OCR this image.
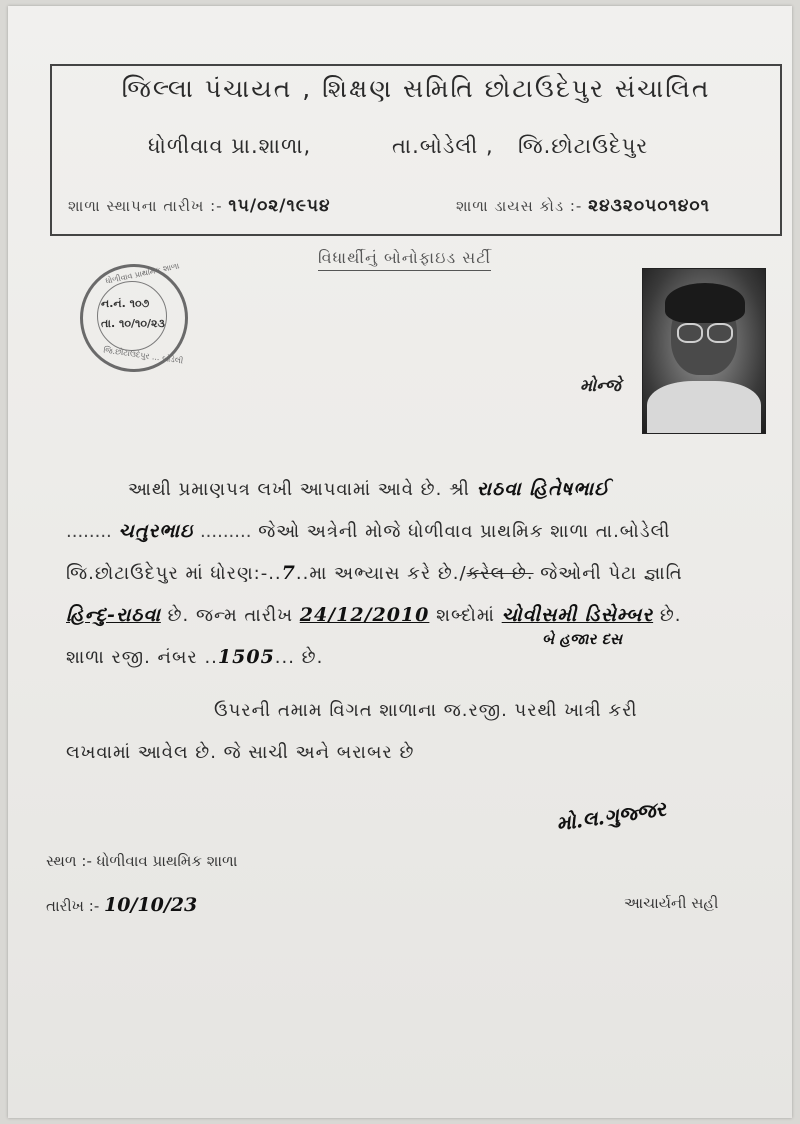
જિલ્લા પંચાયત , શિક્ષણ સમિતિ છોટાઉદેપુર સંચાલિત
ધોળીવાવ પ્રા.શાળા,	તા.બોડેલી , જિ.છોટાઉદેપુર
શાળા સ્થાપના તારીખ :- ૧૫/૦૨/૧૯૫૪	શાળા ડાયસ કોડ :- ૨૪૩૨૦૫૦૧૪૦૧
વિધાર્થીનું બોનોફાઇડ સર્ટી
ધોળીવાવ પ્રાથમિક શાળા
ન.નં. ૧૦૭
તા. ૧૦/૧૦/૨૩
જિ.છોટાઉદેપુર ... બોડેલી
મોન્જે
આથી પ્રમાણપત્ર લખી આપવામાં આવે છે. શ્રી રાઠવા હિતેષભાઈ
........ ચતુરભાઇ ......... જેઓ અત્રેની મોજે ધોળીવાવ પ્રાથમિક શાળા તા.બોડેલી
જિ.છોટાઉદેપુર માં ધોરણ:-..7..મા અભ્યાસ કરે છે./કરેલ છે. જેઓની પેટા જ્ઞાતિ
હિન્દુ-રાઠવા છે. જન્મ તારીખ 24/12/2010 શબ્દોમાં ચોવીસમી ડિસેમ્બર છે.
બે હજાર દસ
શાળા રજી. નંબર ..1505... છે.
ઉપરની તમામ વિગત શાળાના જ.રજી. પરથી ખાત્રી કરી
લખવામાં આવેલ છે. જે સાચી અને બરાબર છે
મો.લ.ગુજ્જર
સ્થળ :- ધોળીવાવ પ્રાથમિક શાળા
તારીખ :- 10/10/23	આચાર્યની સહી
